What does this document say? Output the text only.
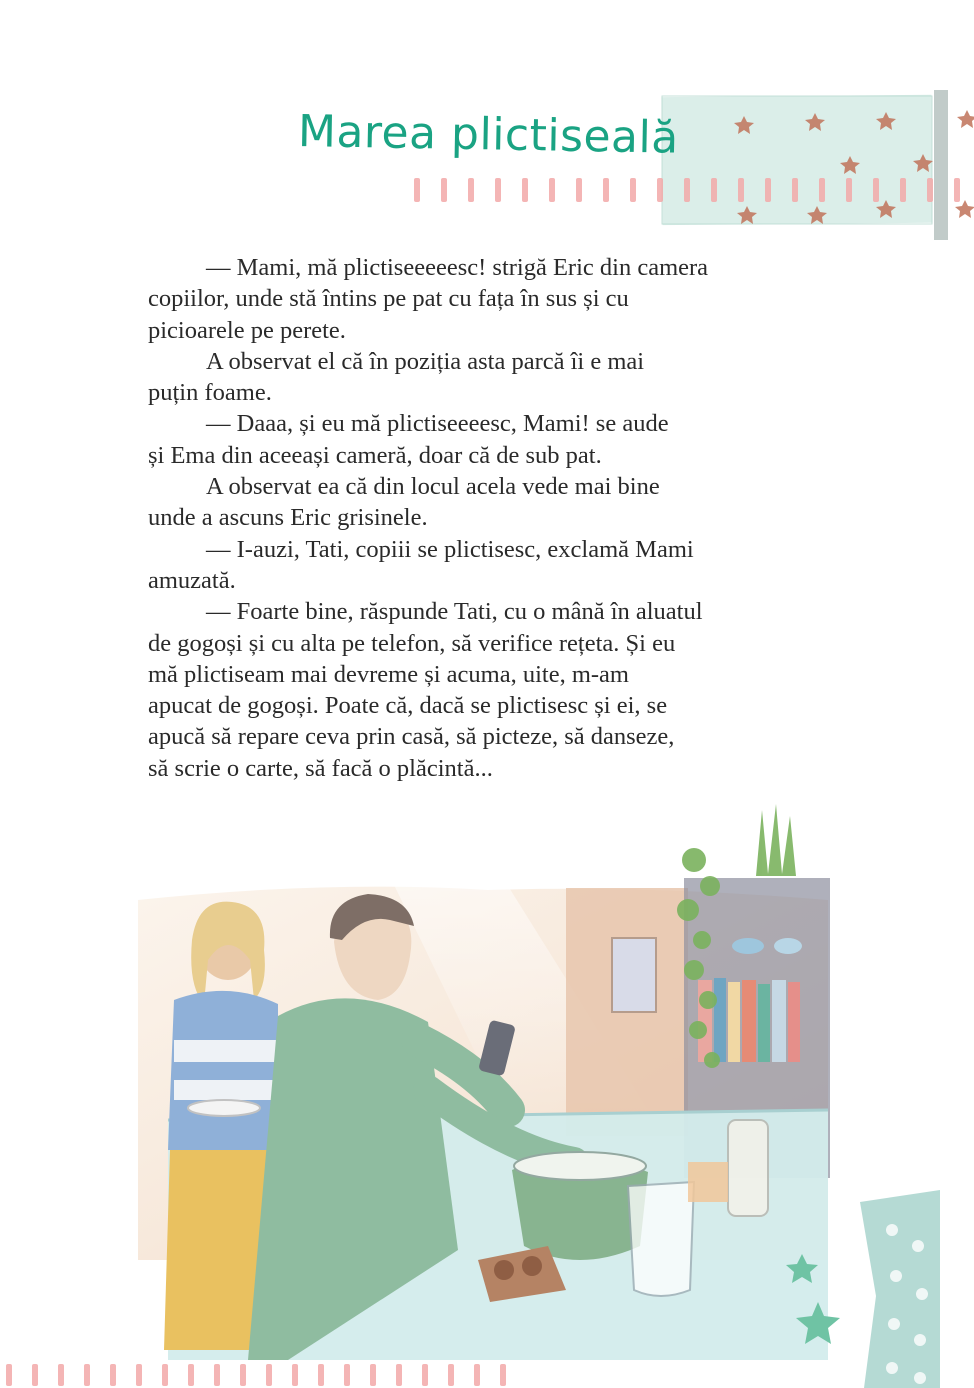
Marea plictiseală

— Mami, mă plictiseeeeesc! strigă Eric din camera
copiilor, unde stă întins pe pat cu fața în sus și cu
picioarele pe perete.

A observat el că în poziția asta parcă îi e mai
puțin foame.

— Daaa, și eu mă plictiseeeesc, Mami! se aude
și Ema din aceeași cameră, doar că de sub pat.

A observat ea că din locul acela vede mai bine
unde a ascuns Eric grisinele.

— I-auzi, Tati, copiii se plictisesc, exclamă Mami
amuzată.

— Foarte bine, răspunde Tati, cu o mână în aluatul
de gogoși și cu alta pe telefon, să verifice rețeta. Și eu
mă plictiseam mai devreme și acuma, uite, m-am
apucat de gogoși. Poate că, dacă se plictisesc și ei, se
apucă să repare ceva prin casă, să picteze, să danseze,
să scrie o carte, să facă o plăcintă...
